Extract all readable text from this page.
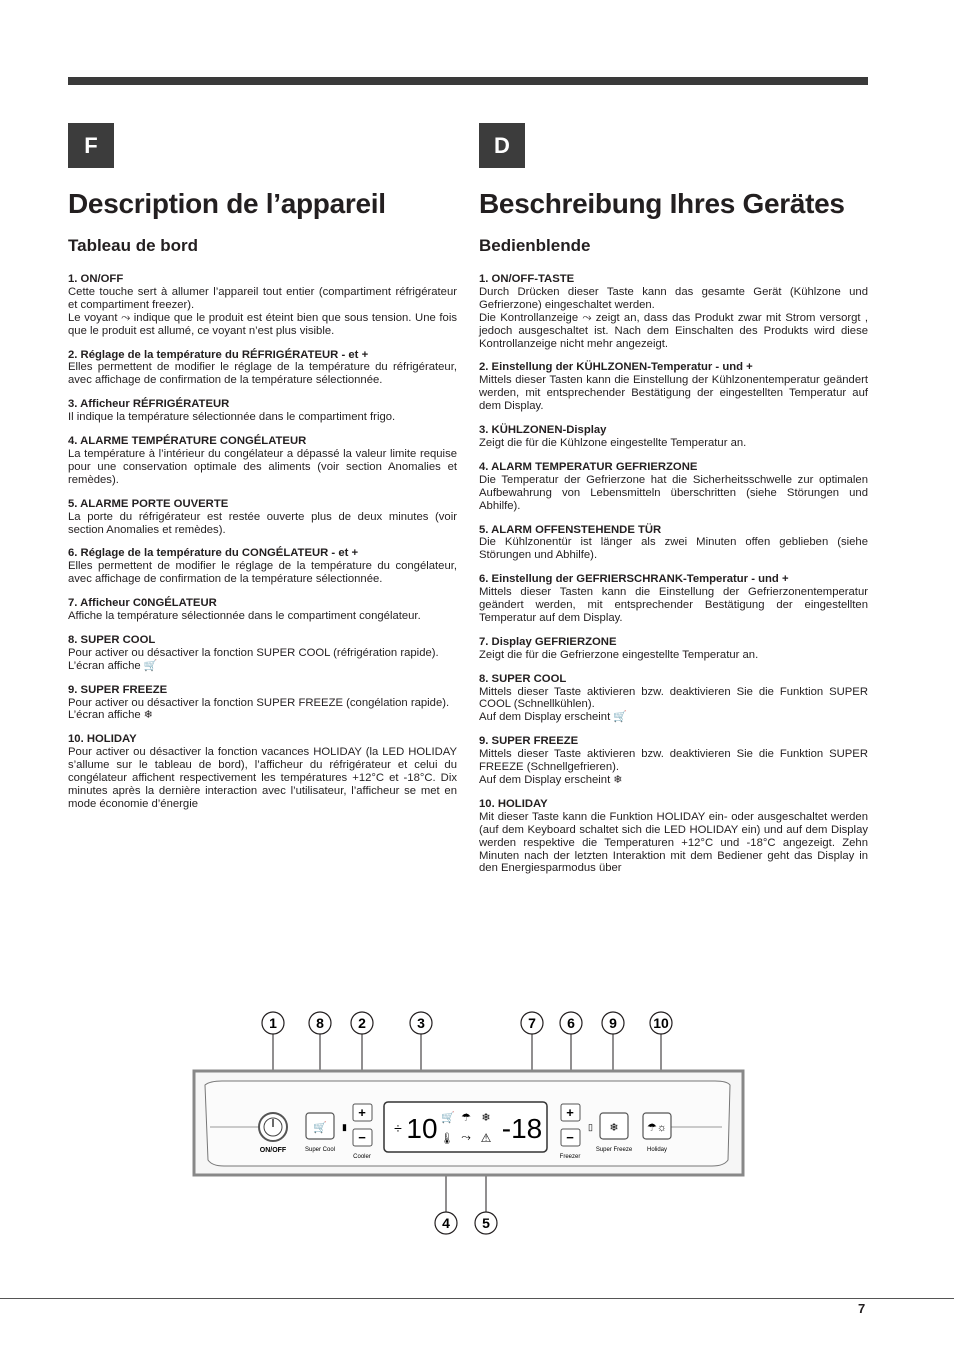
F	D
Description de l’appareil
Tableau de bord
1. ON/OFF

Cette touche sert à allumer l’appareil tout entier (compartiment réfrigérateur et compartiment freezer).

Le voyant ⤳ indique que le produit est éteint bien que sous tension. Une fois que le produit est allumé, ce voyant n’est plus visible.

2. Réglage de la température du RÉFRIGÉRATEUR - et +

Elles permettent de modifier le réglage de la température du réfrigérateur, avec affichage de confirmation de la température sélectionnée.

3. Afficheur RÉFRIGÉRATEUR

Il indique la température sélectionnée dans le compartiment frigo.

4. ALARME TEMPÉRATURE CONGÉLATEUR

La température à l’intérieur du congélateur a dépassé la valeur limite requise pour une conservation optimale des aliments (voir section Anomalies et remèdes).

5. ALARME PORTE OUVERTE

La porte du réfrigérateur est restée ouverte plus de deux minutes (voir section Anomalies et remèdes).

6. Réglage de la température du CONGÉLATEUR - et +

Elles permettent de modifier le réglage de la température du congélateur, avec affichage de confirmation de la température sélectionnée.

7. Afficheur C0NGÉLATEUR

Affiche la température sélectionnée dans le compartiment congélateur.

8. SUPER COOL

Pour activer ou désactiver la fonction SUPER COOL (réfrigération rapide).

L’écran affiche 🛒

9. SUPER FREEZE

Pour activer ou désactiver la fonction SUPER FREEZE (congélation rapide).

L’écran affiche ❄

10. HOLIDAY

Pour activer ou désactiver la fonction vacances HOLIDAY (la LED HOLIDAY s’allume sur le tableau de bord), l’afficheur du réfrigérateur et celui du congélateur affichent respectivement les températures +12°C et -18°C. Dix minutes après la dernière interaction avec l’utilisateur, l’afficheur se met en mode économie d’énergie

Beschreibung Ihres Gerätes
Bedienblende
1. ON/OFF-TASTE

Durch Drücken dieser Taste kann das gesamte Gerät (Kühlzone und Gefrierzone) eingeschaltet werden.

Die Kontrollanzeige ⤳ zeigt an, dass das Produkt zwar mit Strom versorgt , jedoch ausgeschaltet ist. Nach dem Einschalten des Produkts wird diese Kontrollanzeige nicht mehr angezeigt.

2. Einstellung der KÜHLZONEN-Temperatur - und +

Mittels dieser Tasten kann die Einstellung der Kühlzonentemperatur geändert werden, mit entsprechender Bestätigung der eingestellten Temperatur auf dem Display.

3. KÜHLZONEN-Display

Zeigt die für die Kühlzone eingestellte Temperatur an.

4. ALARM TEMPERATUR GEFRIERZONE

Die Temperatur der Gefrierzone hat die Sicherheitsschwelle zur optimalen Aufbewahrung von Lebensmitteln überschritten (siehe Störungen und Abhilfe).

5. ALARM OFFENSTEHENDE TÜR

Die Kühlzonentür ist länger als zwei Minuten offen geblieben (siehe Störungen und Abhilfe).

6. Einstellung der GEFRIERSCHRANK-Temperatur - und +

Mittels dieser Tasten kann die Einstellung der Gefrierzonentemperatur geändert werden, mit entsprechender Bestätigung der eingestellten Temperatur auf dem Display.

7. Display GEFRIERZONE

Zeigt die für die Gefrierzone eingestellte Temperatur an.

8. SUPER COOL

Mittels dieser Taste aktivieren bzw. deaktivieren Sie die Funktion SUPER COOL (Schnellkühlen).

Auf dem Display erscheint 🛒

9. SUPER FREEZE

Mittels dieser Taste aktivieren bzw. deaktivieren Sie die Funktion SUPER FREEZE (Schnellgefrieren).

Auf dem Display erscheint ❄

10. HOLIDAY

Mit dieser Taste kann die Funktion HOLIDAY ein- oder ausgeschaltet werden (auf dem Keyboard schaltet sich die LED HOLIDAY ein) und auf dem Display werden respektive die Temperaturen +12°C und -18°C angezeigt. Zehn Minuten nach der letzten Interaktion mit dem Bediener geht das Display in den Energiesparmodus über

ON/OFF
🛒
Super Cool
▮
+
−
Cooler
÷ 10 🛒 ☂ ❄
🌡 ⤳ ⚠ -18
+
−
Freezer
▯ ❄
Super Freeze
☂☼
Holiday
1	8 2	3	7 6 9	10
4 5
7
